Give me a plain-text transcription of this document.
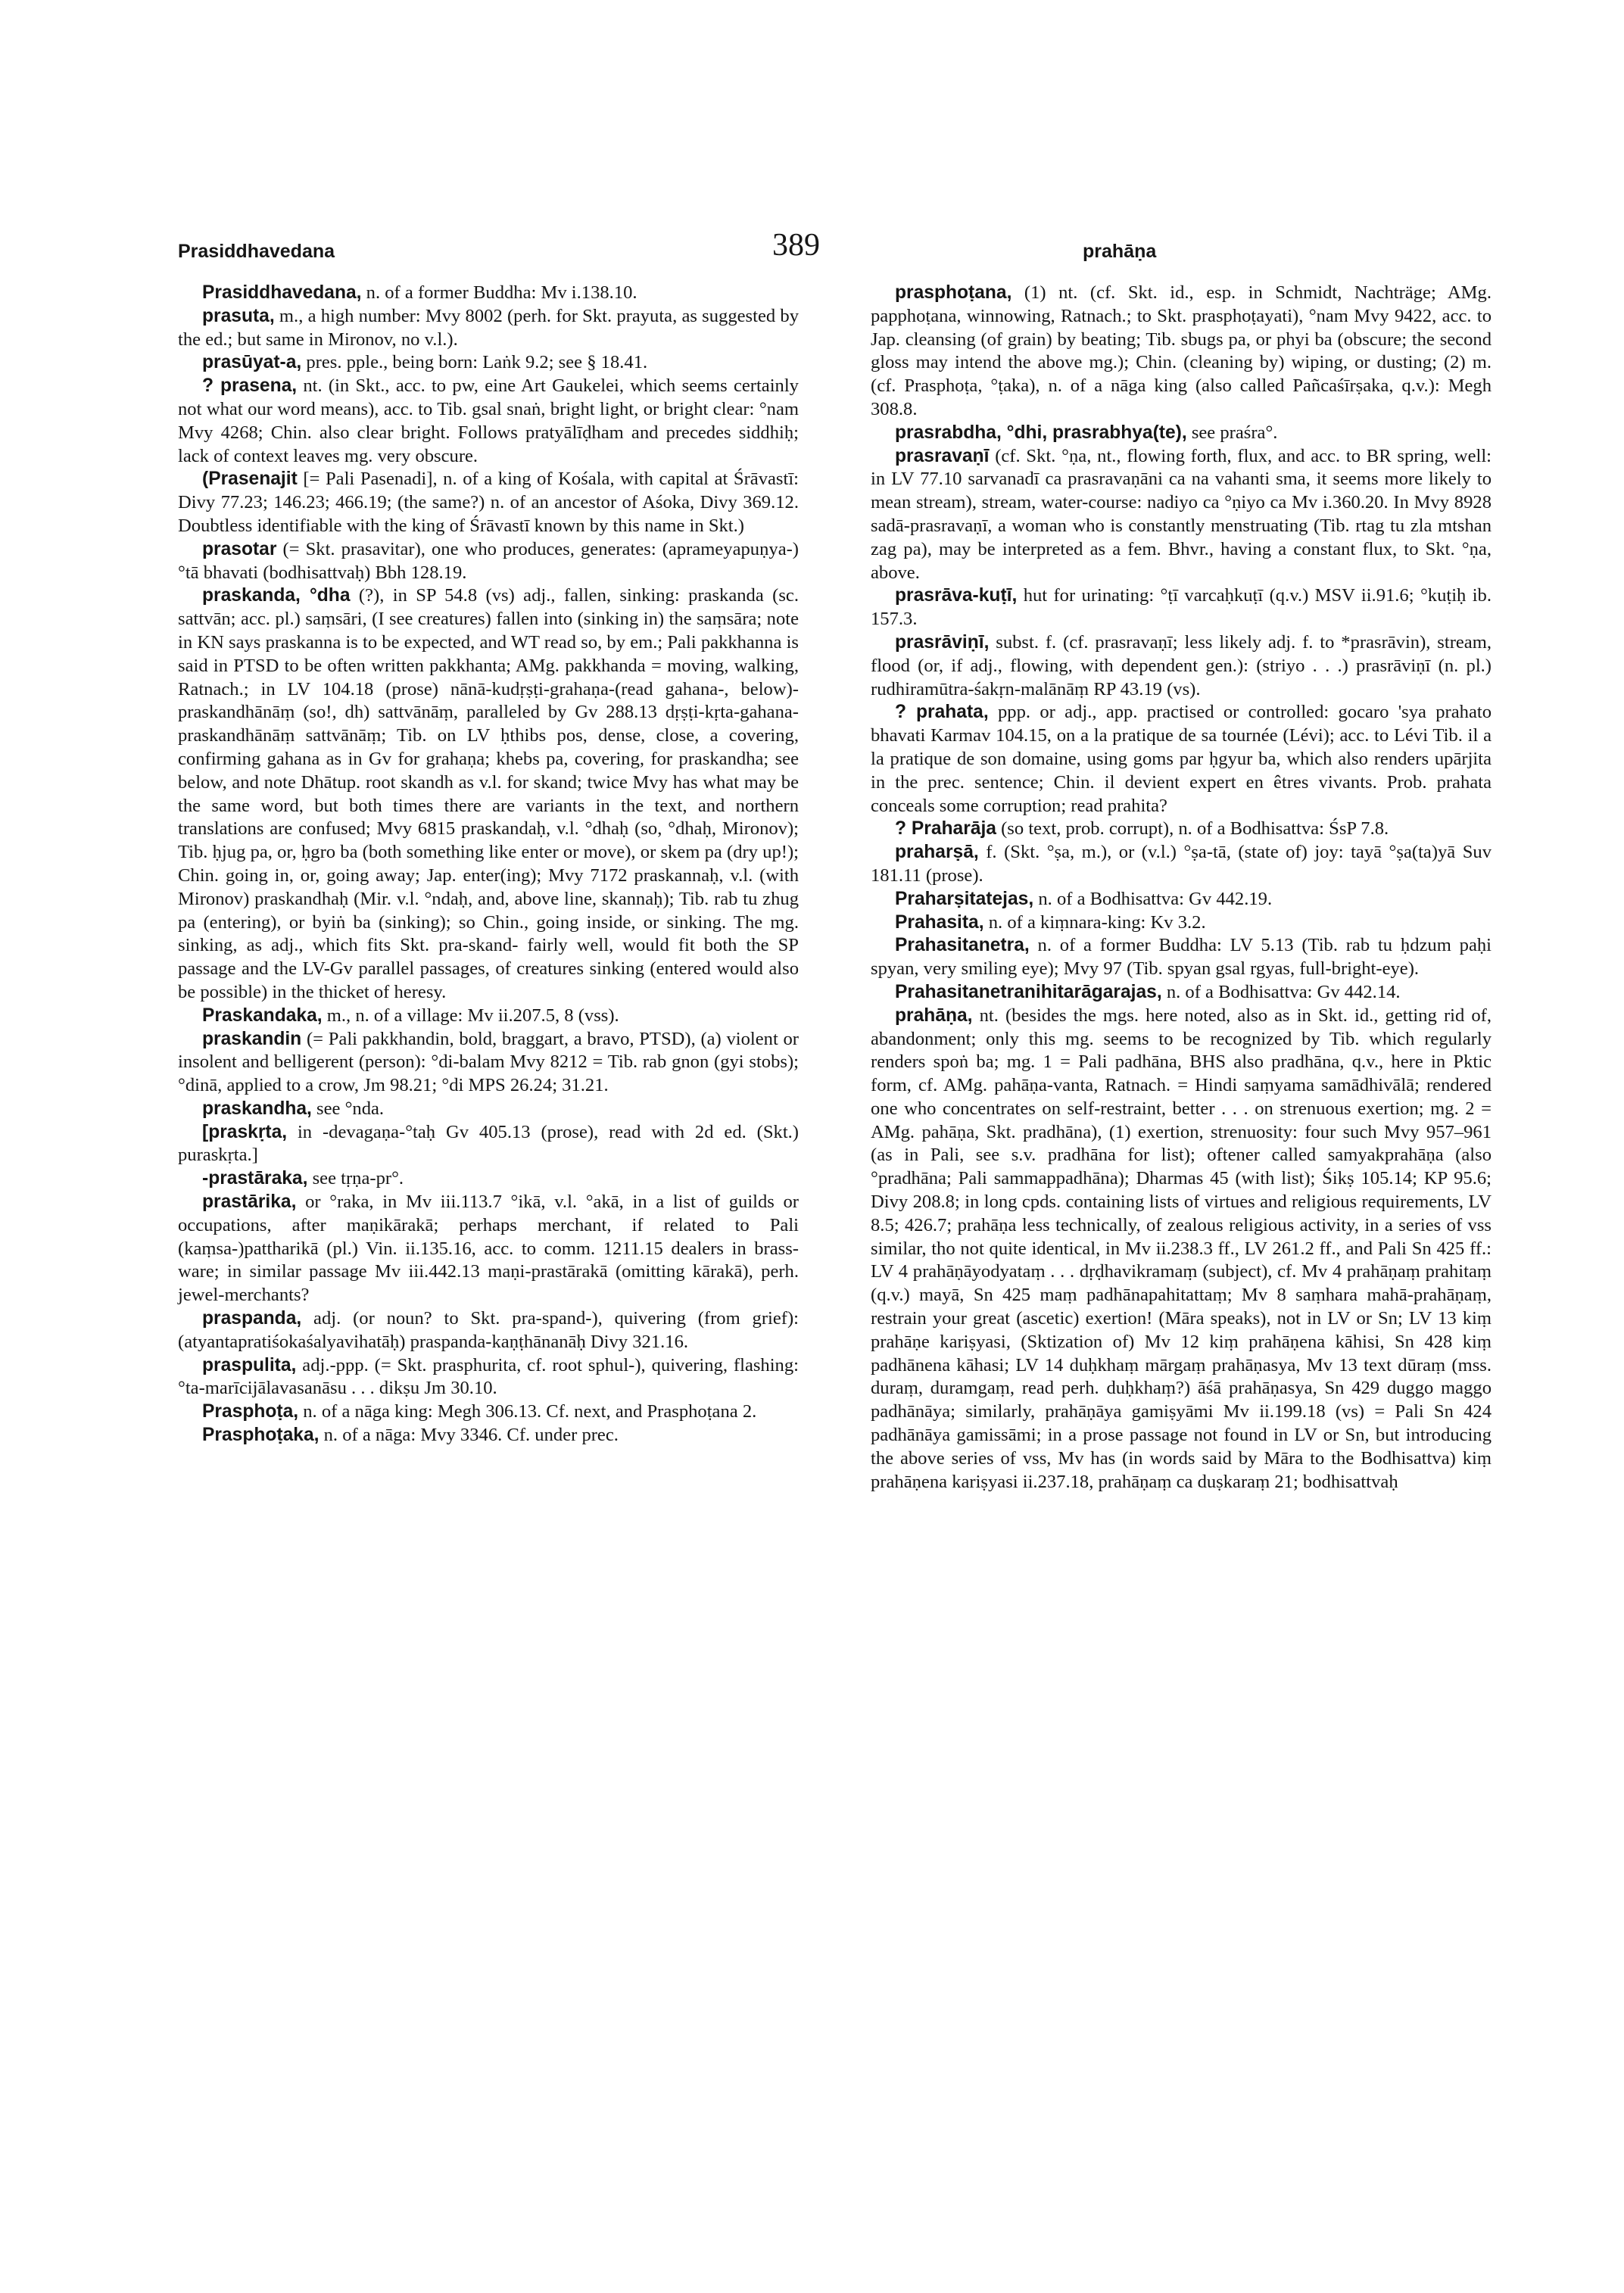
Prasiddhavedana	389	prahāṇa

Prasiddhavedana, n. of a former Buddha: Mv i.138.10.

prasuta, m., a high number: Mvy 8002 (perh. for Skt. prayuta, as suggested by the ed.; but same in Mironov, no v.l.).

prasūyat-a, pres. pple., being born: Laṅk 9.2; see § 18.41.

? prasena, nt. (in Skt., acc. to pw, eine Art Gaukelei, which seems certainly not what our word means), acc. to Tib. gsal snaṅ, bright light, or bright clear: °nam Mvy 4268; Chin. also clear bright. Follows pratyālīḍham and precedes siddhiḥ; lack of context leaves mg. very obscure.

(Prasenajit [= Pali Pasenadi], n. of a king of Kośala, with capital at Śrāvastī: Divy 77.23; 146.23; 466.19; (the same?) n. of an ancestor of Aśoka, Divy 369.12. Doubtless identifiable with the king of Śrāvastī known by this name in Skt.)

prasotar (= Skt. prasavitar), one who produces, generates: (aprameyapuṇya-)°tā bhavati (bodhisattvaḥ) Bbh 128.19.

praskanda, °dha (?), in SP 54.8 (vs) adj., fallen, sinking: praskanda (sc. sattvān; acc. pl.) saṃsāri, (I see creatures) fallen into (sinking in) the saṃsāra; note in KN says praskanna is to be expected, and WT read so, by em.; Pali pakkhanna is said in PTSD to be often written pakkhanta; AMg. pakkhanda = moving, walking, Ratnach.; in LV 104.18 (prose) nānā-kudṛṣṭi-grahaṇa-(read gahana-, below)-praskandhānāṃ (so!, dh) sattvānāṃ, paralleled by Gv 288.13 dṛṣṭi-kṛta-gahana-praskandhānāṃ sattvānāṃ; Tib. on LV ḥthibs pos, dense, close, a covering, confirming gahana as in Gv for grahaṇa; khebs pa, covering, for praskandha; see below, and note Dhātup. root skandh as v.l. for skand; twice Mvy has what may be the same word, but both times there are variants in the text, and northern translations are confused; Mvy 6815 praskandaḥ, v.l. °dhaḥ (so, °dhaḥ, Mironov); Tib. ḥjug pa, or, ḥgro ba (both something like enter or move), or skem pa (dry up!); Chin. going in, or, going away; Jap. enter(ing); Mvy 7172 praskannaḥ, v.l. (with Mironov) praskandhaḥ (Mir. v.l. °ndaḥ, and, above line, skannaḥ); Tib. rab tu zhug pa (entering), or byiṅ ba (sinking); so Chin., going inside, or sinking. The mg. sinking, as adj., which fits Skt. pra-skand- fairly well, would fit both the SP passage and the LV-Gv parallel passages, of creatures sinking (entered would also be possible) in the thicket of heresy.

Praskandaka, m., n. of a village: Mv ii.207.5, 8 (vss).

praskandin (= Pali pakkhandin, bold, braggart, a bravo, PTSD), (a) violent or insolent and belligerent (person): °di-balam Mvy 8212 = Tib. rab gnon (gyi stobs); °dinā, applied to a crow, Jm 98.21; °di MPS 26.24; 31.21.

praskandha, see °nda.

[praskṛta, in -devagaṇa-°taḥ Gv 405.13 (prose), read with 2d ed. (Skt.) puraskṛta.]

-prastāraka, see tṛṇa-pr°.

prastārika, or °raka, in Mv iii.113.7 °ikā, v.l. °akā, in a list of guilds or occupations, after maṇikārakā; perhaps merchant, if related to Pali (kaṃsa-)pattharikā (pl.) Vin. ii.135.16, acc. to comm. 1211.15 dealers in brass-ware; in similar passage Mv iii.442.13 maṇi-prastārakā (omitting kārakā), perh. jewel-merchants?

praspanda, adj. (or noun? to Skt. pra-spand-), quivering (from grief): (atyantapratiśokaśalyavihatāḥ) praspanda-kaṇṭhānanāḥ Divy 321.16.

praspulita, adj.-ppp. (= Skt. prasphurita, cf. root sphul-), quivering, flashing: °ta-marīcijālavasanāsu . . . dikṣu Jm 30.10.

Prasphoṭa, n. of a nāga king: Megh 306.13. Cf. next, and Prasphoṭana 2.

Prasphoṭaka, n. of a nāga: Mvy 3346. Cf. under prec.

prasphoṭana, (1) nt. (cf. Skt. id., esp. in Schmidt, Nachträge; AMg. papphoṭana, winnowing, Ratnach.; to Skt. prasphoṭayati), °nam Mvy 9422, acc. to Jap. cleansing (of grain) by beating; Tib. sbugs pa, or phyi ba (obscure; the second gloss may intend the above mg.); Chin. (cleaning by) wiping, or dusting; (2) m. (cf. Prasphoṭa, °ṭaka), n. of a nāga king (also called Pañcaśīrṣaka, q.v.): Megh 308.8.

prasrabdha, °dhi, prasrabhya(te), see praśra°.

prasravaṇī (cf. Skt. °ṇa, nt., flowing forth, flux, and acc. to BR spring, well: in LV 77.10 sarvanadī ca prasravaṇāni ca na vahanti sma, it seems more likely to mean stream), stream, water-course: nadiyo ca °ṇiyo ca Mv i.360.20. In Mvy 8928 sadā-prasravaṇī, a woman who is constantly menstruating (Tib. rtag tu zla mtshan zag pa), may be interpreted as a fem. Bhvr., having a constant flux, to Skt. °ṇa, above.

prasrāva-kuṭī, hut for urinating: °ṭī varcaḥkuṭī (q.v.) MSV ii.91.6; °kuṭiḥ ib. 157.3.

prasrāviṇī, subst. f. (cf. prasravaṇī; less likely adj. f. to *prasrāvin), stream, flood (or, if adj., flowing, with dependent gen.): (striyo . . .) prasrāviṇī (n. pl.) rudhiramūtra-śakṛn-malānāṃ RP 43.19 (vs).

? prahata, ppp. or adj., app. practised or controlled: gocaro 'sya prahato bhavati Karmav 104.15, on a la pratique de sa tournée (Lévi); acc. to Lévi Tib. il a la pratique de son domaine, using goms par ḥgyur ba, which also renders upārjita in the prec. sentence; Chin. il devient expert en êtres vivants. Prob. prahata conceals some corruption; read prahita?

? Praharāja (so text, prob. corrupt), n. of a Bodhisattva: ŚsP 7.8.

praharṣā, f. (Skt. °ṣa, m.), or (v.l.) °ṣa-tā, (state of) joy: tayā °ṣa(ta)yā Suv 181.11 (prose).

Praharṣitatejas, n. of a Bodhisattva: Gv 442.19.

Prahasita, n. of a kiṃnara-king: Kv 3.2.

Prahasitanetra, n. of a former Buddha: LV 5.13 (Tib. rab tu ḥdzum paḥi spyan, very smiling eye); Mvy 97 (Tib. spyan gsal rgyas, full-bright-eye).

Prahasitanetranihitarāgarajas, n. of a Bodhisattva: Gv 442.14.

prahāṇa, nt. (besides the mgs. here noted, also as in Skt. id., getting rid of, abandonment; only this mg. seems to be recognized by Tib. which regularly renders spoṅ ba; mg. 1 = Pali padhāna, BHS also pradhāna, q.v., here in Pktic form, cf. AMg. pahāṇa-vanta, Ratnach. = Hindi saṃyama samādhivālā; rendered one who concentrates on self-restraint, better . . . on strenuous exertion; mg. 2 = AMg. pahāṇa, Skt. pradhāna), (1) exertion, strenuosity: four such Mvy 957–961 (as in Pali, see s.v. pradhāna for list); oftener called samyakprahāṇa (also °pradhāna; Pali sammappadhāna); Dharmas 45 (with list); Śikṣ 105.14; KP 95.6; Divy 208.8; in long cpds. containing lists of virtues and religious requirements, LV 8.5; 426.7; prahāṇa less technically, of zealous religious activity, in a series of vss similar, tho not quite identical, in Mv ii.238.3 ff., LV 261.2 ff., and Pali Sn 425 ff.: LV 4 prahāṇāyodyataṃ . . . dṛḍhavikramaṃ (subject), cf. Mv 4 prahāṇaṃ prahitaṃ (q.v.) mayā, Sn 425 maṃ padhānapahitattaṃ; Mv 8 saṃhara mahā-prahāṇaṃ, restrain your great (ascetic) exertion! (Māra speaks), not in LV or Sn; LV 13 kiṃ prahāṇe kariṣyasi, (Sktization of) Mv 12 kiṃ prahāṇena kāhisi, Sn 428 kiṃ padhānena kāhasi; LV 14 duḥkhaṃ mārgaṃ prahāṇasya, Mv 13 text dūraṃ (mss. duraṃ, duramgaṃ, read perh. duḥkhaṃ?) āśā prahāṇasya, Sn 429 duggo maggo padhānāya; similarly, prahāṇāya gamiṣyāmi Mv ii.199.18 (vs) = Pali Sn 424 padhānāya gamissāmi; in a prose passage not found in LV or Sn, but introducing the above series of vss, Mv has (in words said by Māra to the Bodhisattva) kiṃ prahāṇena kariṣyasi ii.237.18, prahāṇaṃ ca duṣkaraṃ 21; bodhisattvaḥ
